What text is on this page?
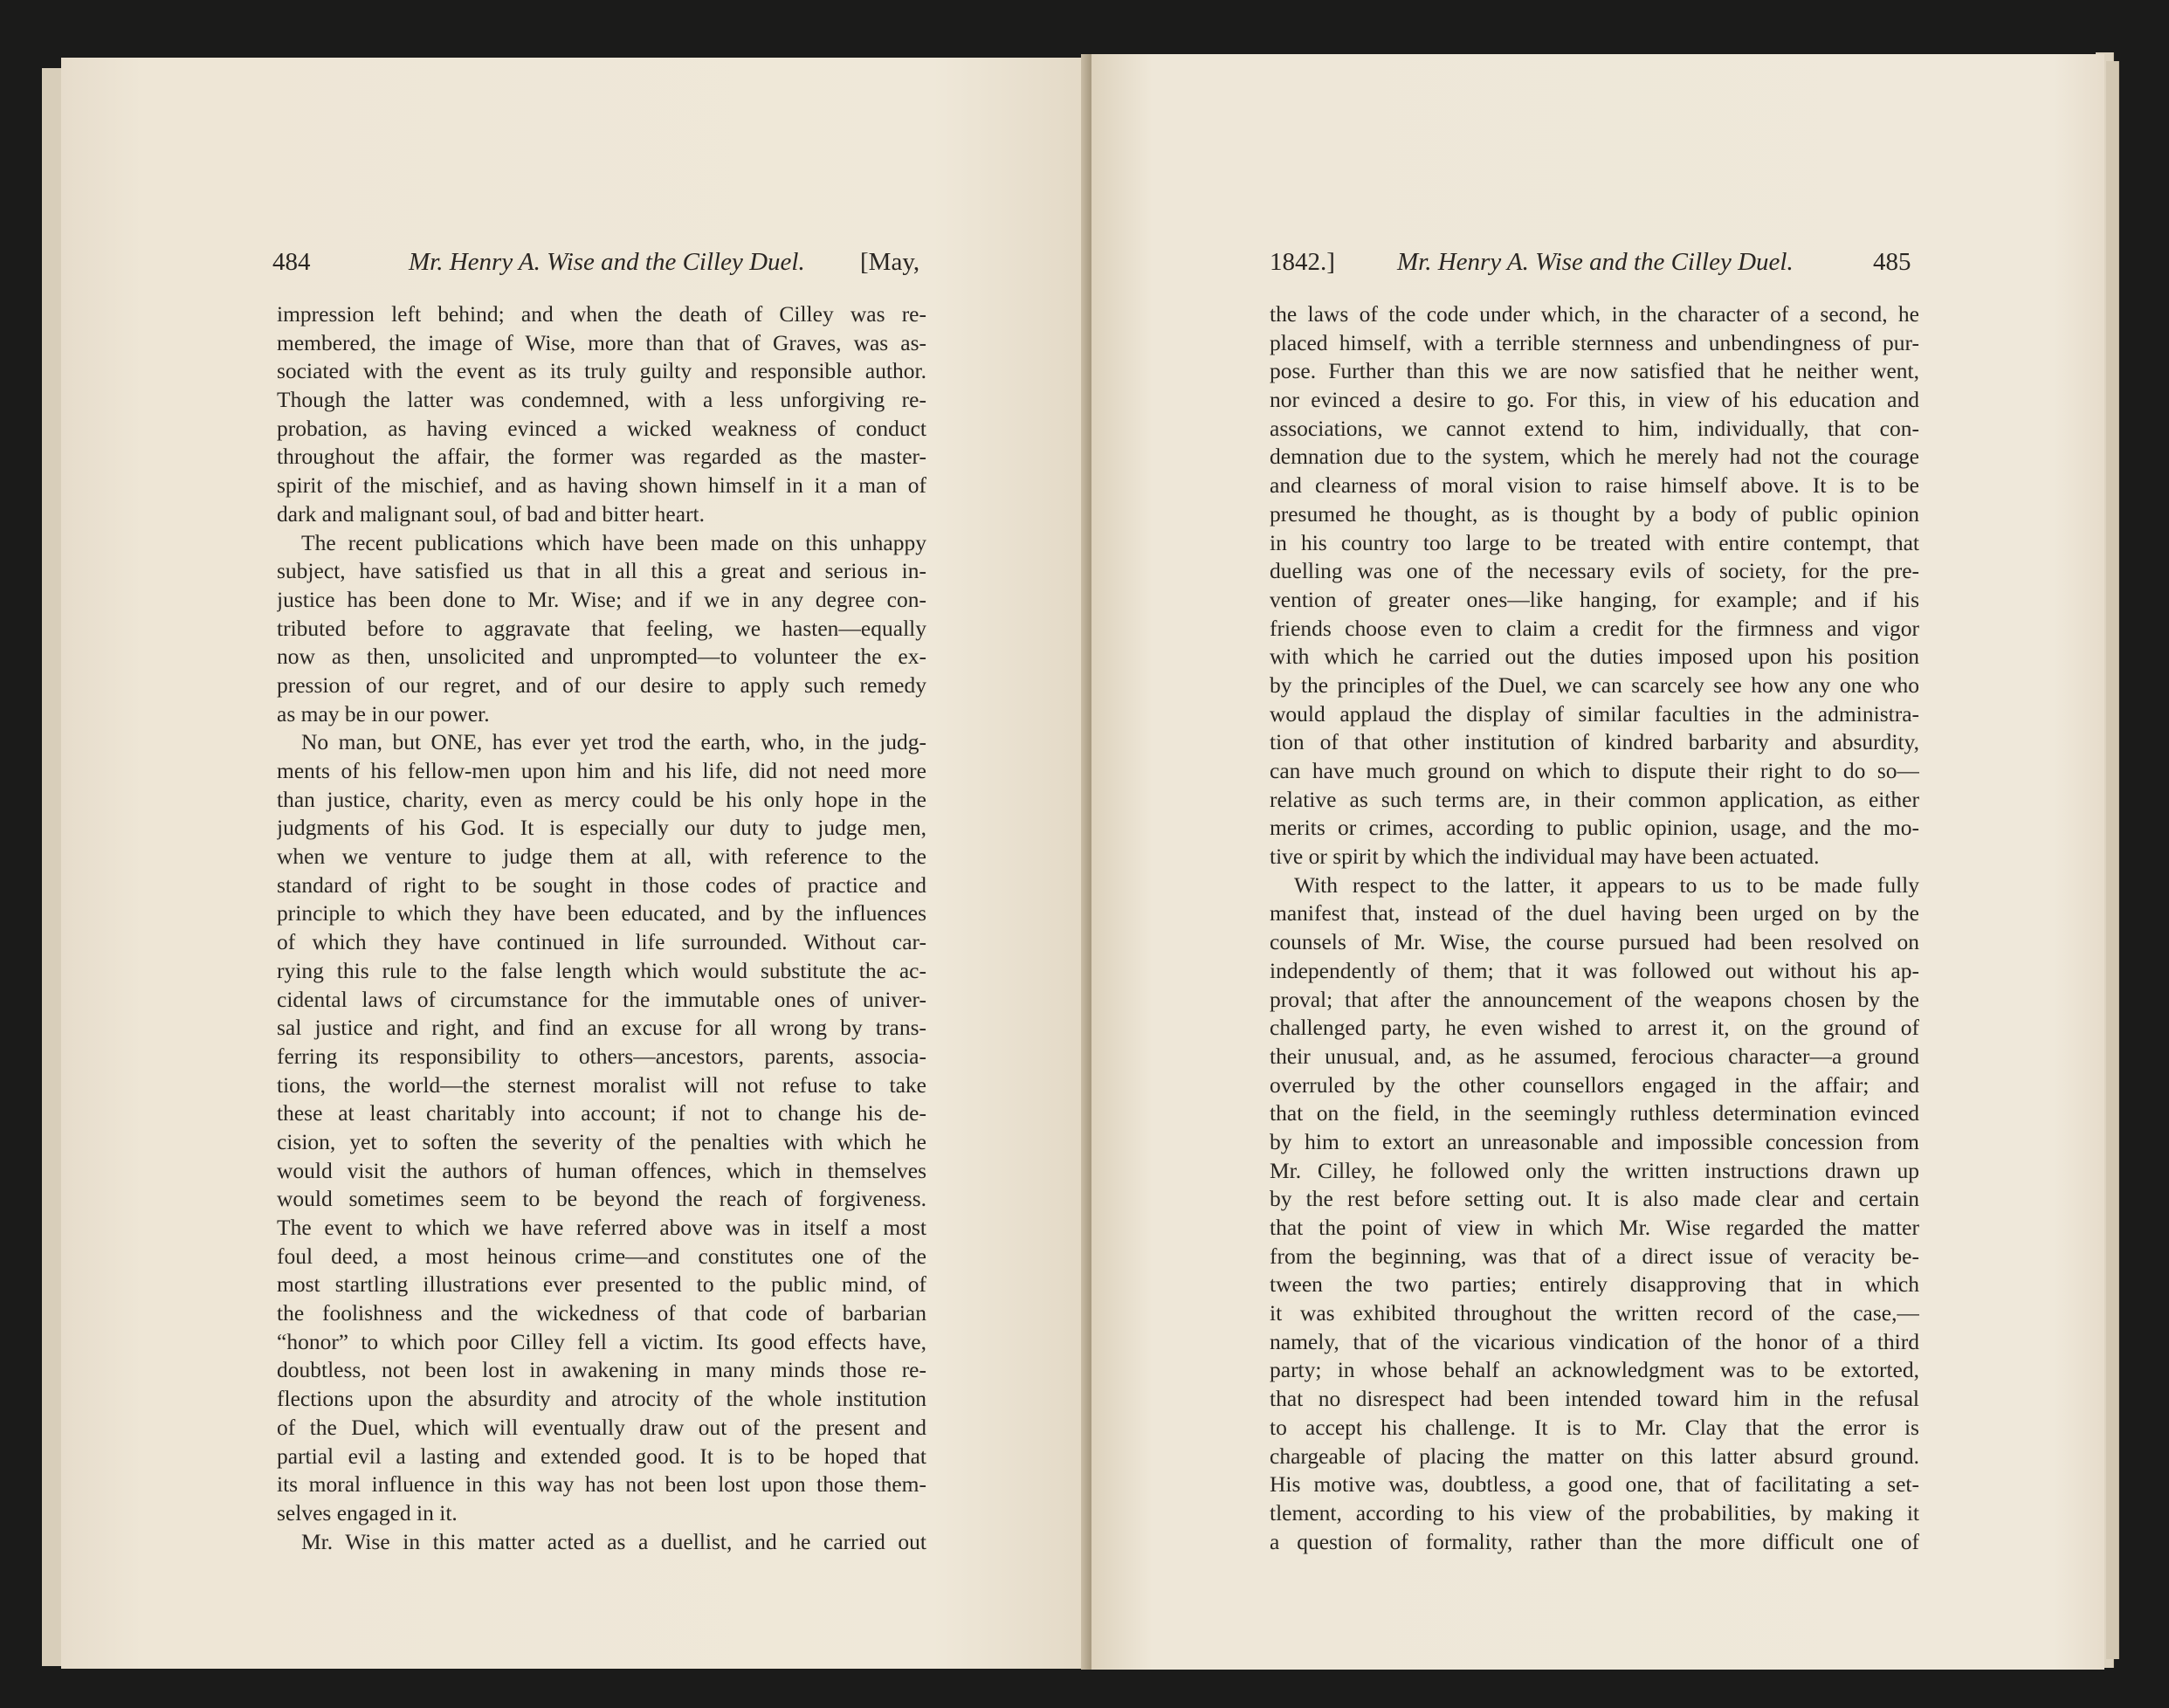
484	Mr. Henry A. Wise and the Cilley Duel. [May,
impression left behind; and when the death of Cilley was re-
membered, the image of Wise, more than that of Graves, was as-
sociated with the event as its truly guilty and responsible author.
Though the latter was condemned, with a less unforgiving re-
probation, as having evinced a wicked weakness of conduct
throughout the affair, the former was regarded as the master-
spirit of the mischief, and as having shown himself in it a man of
dark and malignant soul, of bad and bitter heart.
The recent publications which have been made on this unhappy
subject, have satisfied us that in all this a great and serious in-
justice has been done to Mr. Wise; and if we in any degree con-
tributed before to aggravate that feeling, we hasten—equally
now as then, unsolicited and unprompted—to volunteer the ex-
pression of our regret, and of our desire to apply such remedy
as may be in our power.
No man, but ONE, has ever yet trod the earth, who, in the judg-
ments of his fellow-men upon him and his life, did not need more
than justice, charity, even as mercy could be his only hope in the
judgments of his God. It is especially our duty to judge men,
when we venture to judge them at all, with reference to the
standard of right to be sought in those codes of practice and
principle to which they have been educated, and by the influences
of which they have continued in life surrounded. Without car-
rying this rule to the false length which would substitute the ac-
cidental laws of circumstance for the immutable ones of univer-
sal justice and right, and find an excuse for all wrong by trans-
ferring its responsibility to others—ancestors, parents, associa-
tions, the world—the sternest moralist will not refuse to take
these at least charitably into account; if not to change his de-
cision, yet to soften the severity of the penalties with which he
would visit the authors of human offences, which in themselves
would sometimes seem to be beyond the reach of forgiveness.
The event to which we have referred above was in itself a most
foul deed, a most heinous crime—and constitutes one of the
most startling illustrations ever presented to the public mind, of
the foolishness and the wickedness of that code of barbarian
“honor” to which poor Cilley fell a victim. Its good effects have,
doubtless, not been lost in awakening in many minds those re-
flections upon the absurdity and atrocity of the whole institution
of the Duel, which will eventually draw out of the present and
partial evil a lasting and extended good. It is to be hoped that
its moral influence in this way has not been lost upon those them-
selves engaged in it.
Mr. Wise in this matter acted as a duellist, and he carried out
1842.] Mr. Henry A. Wise and the Cilley Duel.	485
the laws of the code under which, in the character of a second, he
placed himself, with a terrible sternness and unbendingness of pur-
pose. Further than this we are now satisfied that he neither went,
nor evinced a desire to go. For this, in view of his education and
associations, we cannot extend to him, individually, that con-
demnation due to the system, which he merely had not the courage
and clearness of moral vision to raise himself above. It is to be
presumed he thought, as is thought by a body of public opinion
in his country too large to be treated with entire contempt, that
duelling was one of the necessary evils of society, for the pre-
vention of greater ones—like hanging, for example; and if his
friends choose even to claim a credit for the firmness and vigor
with which he carried out the duties imposed upon his position
by the principles of the Duel, we can scarcely see how any one who
would applaud the display of similar faculties in the administra-
tion of that other institution of kindred barbarity and absurdity,
can have much ground on which to dispute their right to do so—
relative as such terms are, in their common application, as either
merits or crimes, according to public opinion, usage, and the mo-
tive or spirit by which the individual may have been actuated.
With respect to the latter, it appears to us to be made fully
manifest that, instead of the duel having been urged on by the
counsels of Mr. Wise, the course pursued had been resolved on
independently of them; that it was followed out without his ap-
proval; that after the announcement of the weapons chosen by the
challenged party, he even wished to arrest it, on the ground of
their unusual, and, as he assumed, ferocious character—a ground
overruled by the other counsellors engaged in the affair; and
that on the field, in the seemingly ruthless determination evinced
by him to extort an unreasonable and impossible concession from
Mr. Cilley, he followed only the written instructions drawn up
by the rest before setting out. It is also made clear and certain
that the point of view in which Mr. Wise regarded the matter
from the beginning, was that of a direct issue of veracity be-
tween the two parties; entirely disapproving that in which
it was exhibited throughout the written record of the case,—
namely, that of the vicarious vindication of the honor of a third
party; in whose behalf an acknowledgment was to be extorted,
that no disrespect had been intended toward him in the refusal
to accept his challenge. It is to Mr. Clay that the error is
chargeable of placing the matter on this latter absurd ground.
His motive was, doubtless, a good one, that of facilitating a set-
tlement, according to his view of the probabilities, by making it
a question of formality, rather than the more difficult one of
